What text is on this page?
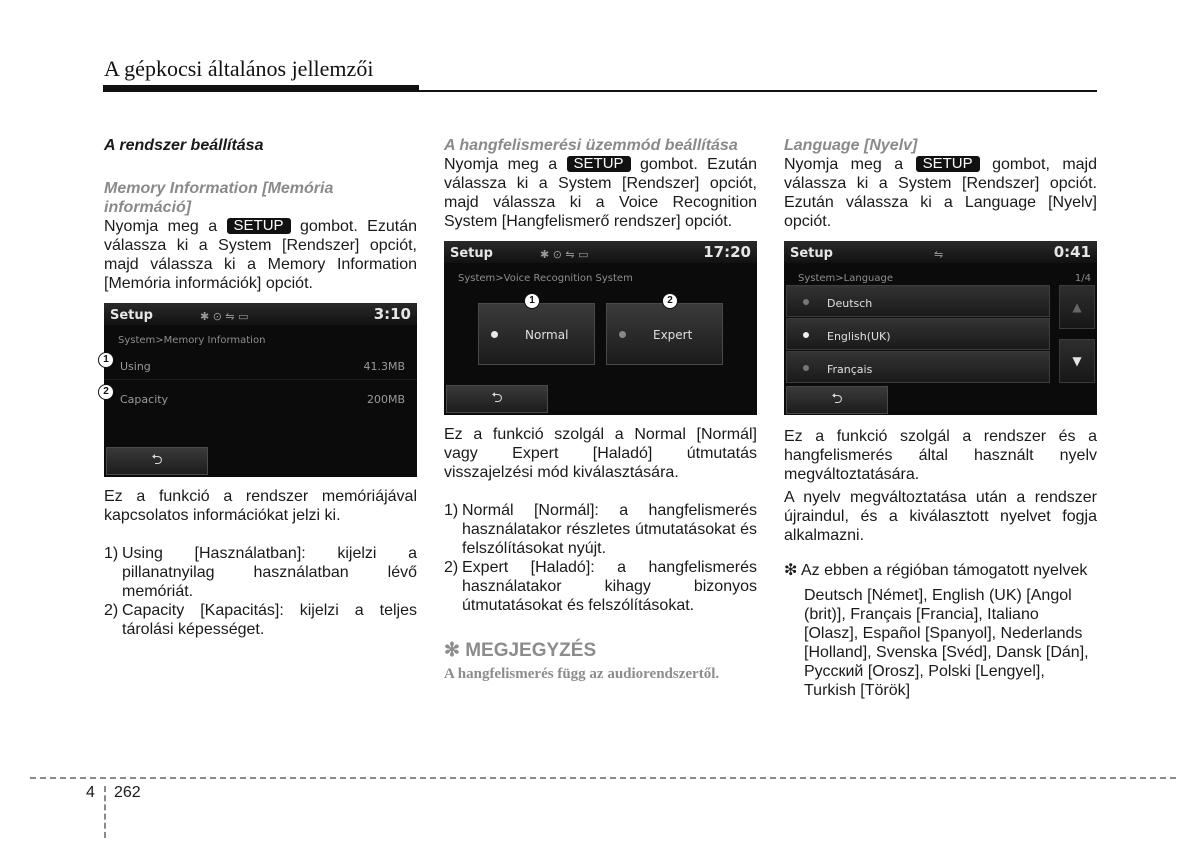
A gépkocsi általános jellemzői

A rendszer beállítása

Memory Information [Memória információ]

Nyomja meg a SETUP gombot. Ezután válassza ki a System [Rendszer] opciót, majd válassza ki a Memory Information [Memória információk] opciót.

Setup	✱ ⊙ ⇋ ▭	3:10
System>Memory Information
Using	41.3MB
Capacity	200MB
⮌
1
2

Ez a funkció a rendszer memóriájával kapcsolatos információkat jelzi ki.

1) Using [Használatban]: kijelzi a pillanatnyilag használatban lévő memóriát.
2) Capacity [Kapacitás]: kijelzi a teljes tárolási képességet.

A hangfelismerési üzemmód beállítása

Nyomja meg a SETUP gombot. Ezután válassza ki a System [Rendszer] opciót, majd válassza ki a Voice Recognition System [Hangfelismerő rendszer] opciót.

Setup	✱ ⊙ ⇋ ▭	17:20
System>Voice Recognition System
Normal	Expert
1	2
⮌

Ez a funkció szolgál a Normal [Normál] vagy Expert [Haladó] útmutatás visszajelzési mód kiválasztására.

1) Normál [Normál]: a hangfelismerés használatakor részletes útmutatásokat és felszólításokat nyújt.
2) Expert [Haladó]: a hangfelismerés használatakor kihagy bizonyos útmutatásokat és felszólításokat.

✻ MEGJEGYZÉS

A hangfelismerés függ az audiorendszertől.

Language [Nyelv]

Nyomja meg a SETUP gombot, majd válassza ki a System [Rendszer] opciót. Ezután válassza ki a Language [Nyelv] opciót.

Setup	⇋	0:41
System>Language	1/4
Deutsch
English(UK)
Français
▲
▼
⮌

Ez a funkció szolgál a rendszer és a hangfelismerés által használt nyelv megváltoztatására.

A nyelv megváltoztatása után a rendszer újraindul, és a kiválasztott nyelvet fogja alkalmazni.

❇ Az ebben a régióban támogatott nyelvek

Deutsch [Német], English (UK) [Angol (brit)], Français [Francia], Italiano [Olasz], Español [Spanyol], Nederlands [Holland], Svenska [Svéd], Dansk [Dán], Русский [Orosz], Polski [Lengyel], Turkish [Török]

4 262
